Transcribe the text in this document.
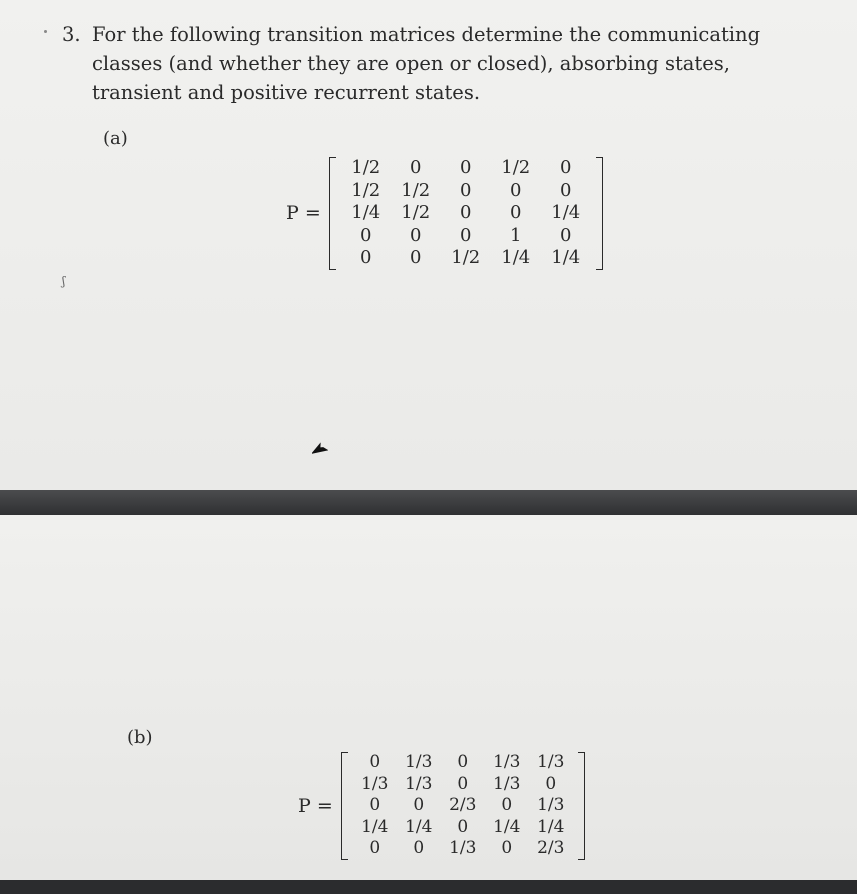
3. For the following transition matrices determine the communicating classes (and whether they are open or closed), absorbing states, transient and positive recurrent states.
(a)
P =
1/2	0	0	1/2	0
1/2	1/2	0	0	0
1/4	1/2	0	0	1/4
0	0	0	1	0
0	0	1/2	1/4	1/4
ʃ
(b)
P =
0	1/3	0	1/3	1/3
1/3	1/3	0	1/3	0
0	0	2/3	0	1/3
1/4	1/4	0	1/4	1/4
0	0	1/3	0	2/3
